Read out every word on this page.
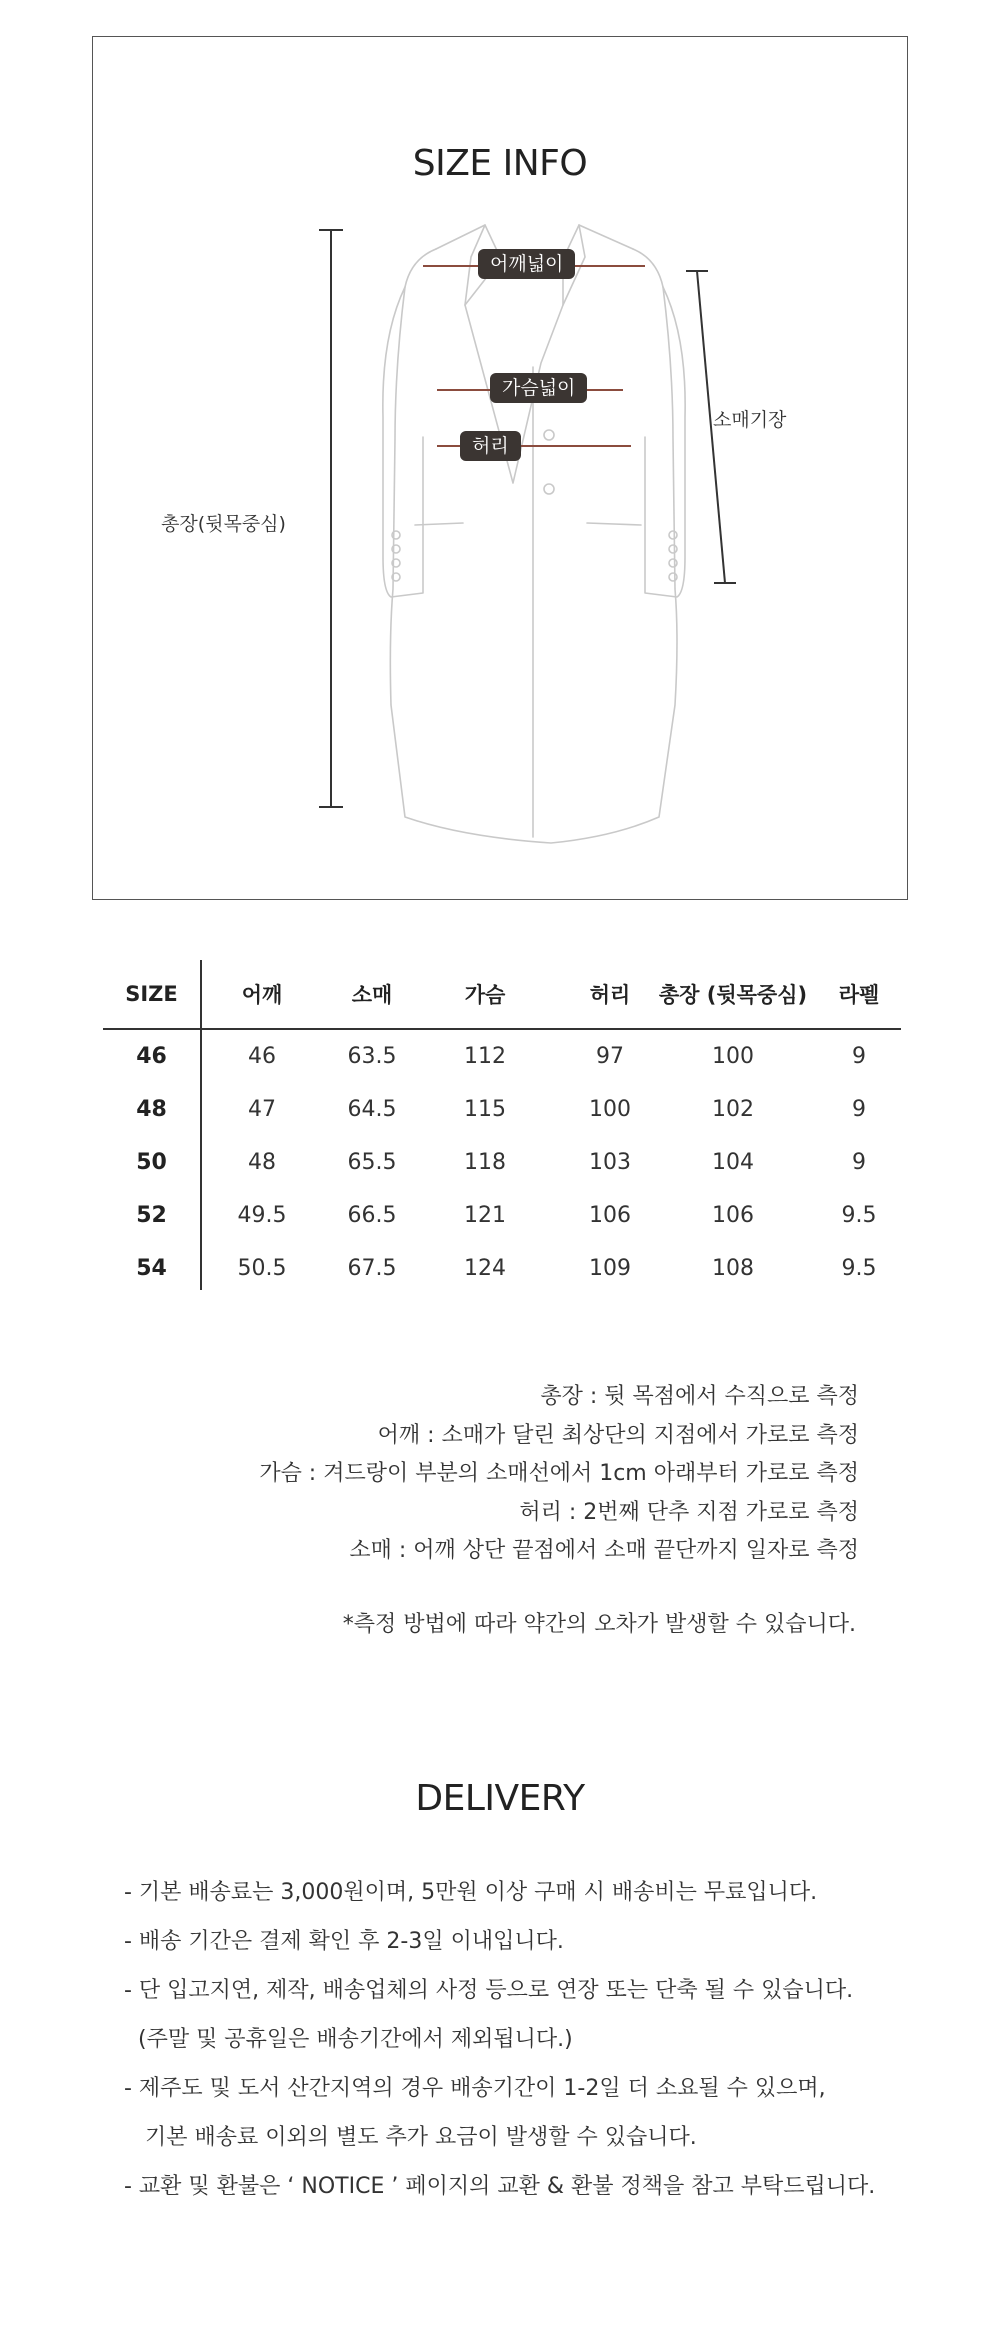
SIZE INFO
어깨넓이
가슴넓이
허리
소매기장
총장(뒷목중심)
SIZE	어깨	소매	가슴	허리	총장 (뒷목중심)	라펠
46	46	63.5	112	97	100	9
48	47	64.5	115	100	102	9
50	48	65.5	118	103	104	9
52	49.5	66.5	121	106	106	9.5
54	50.5	67.5	124	109	108	9.5
총장 : 뒷 목점에서 수직으로 측정
어깨 : 소매가 달린 최상단의 지점에서 가로로 측정
가슴 : 겨드랑이 부분의 소매선에서 1cm 아래부터 가로로 측정
허리 : 2번째 단추 지점 가로로 측정
소매 : 어깨 상단 끝점에서 소매 끝단까지 일자로 측정
*측정 방법에 따라 약간의 오차가 발생할 수 있습니다.
DELIVERY
- 기본 배송료는 3,000원이며, 5만원 이상 구매 시 배송비는 무료입니다.
- 배송 기간은 결제 확인 후 2-3일 이내입니다.
- 단 입고지연, 제작, 배송업체의 사정 등으로 연장 또는 단축 될 수 있습니다.
(주말 및 공휴일은 배송기간에서 제외됩니다.)
- 제주도 및 도서 산간지역의 경우 배송기간이 1-2일 더 소요될 수 있으며,
기본 배송료 이외의 별도 추가 요금이 발생할 수 있습니다.
- 교환 및 환불은 ‘ NOTICE ’ 페이지의 교환 & 환불 정책을 참고 부탁드립니다.
